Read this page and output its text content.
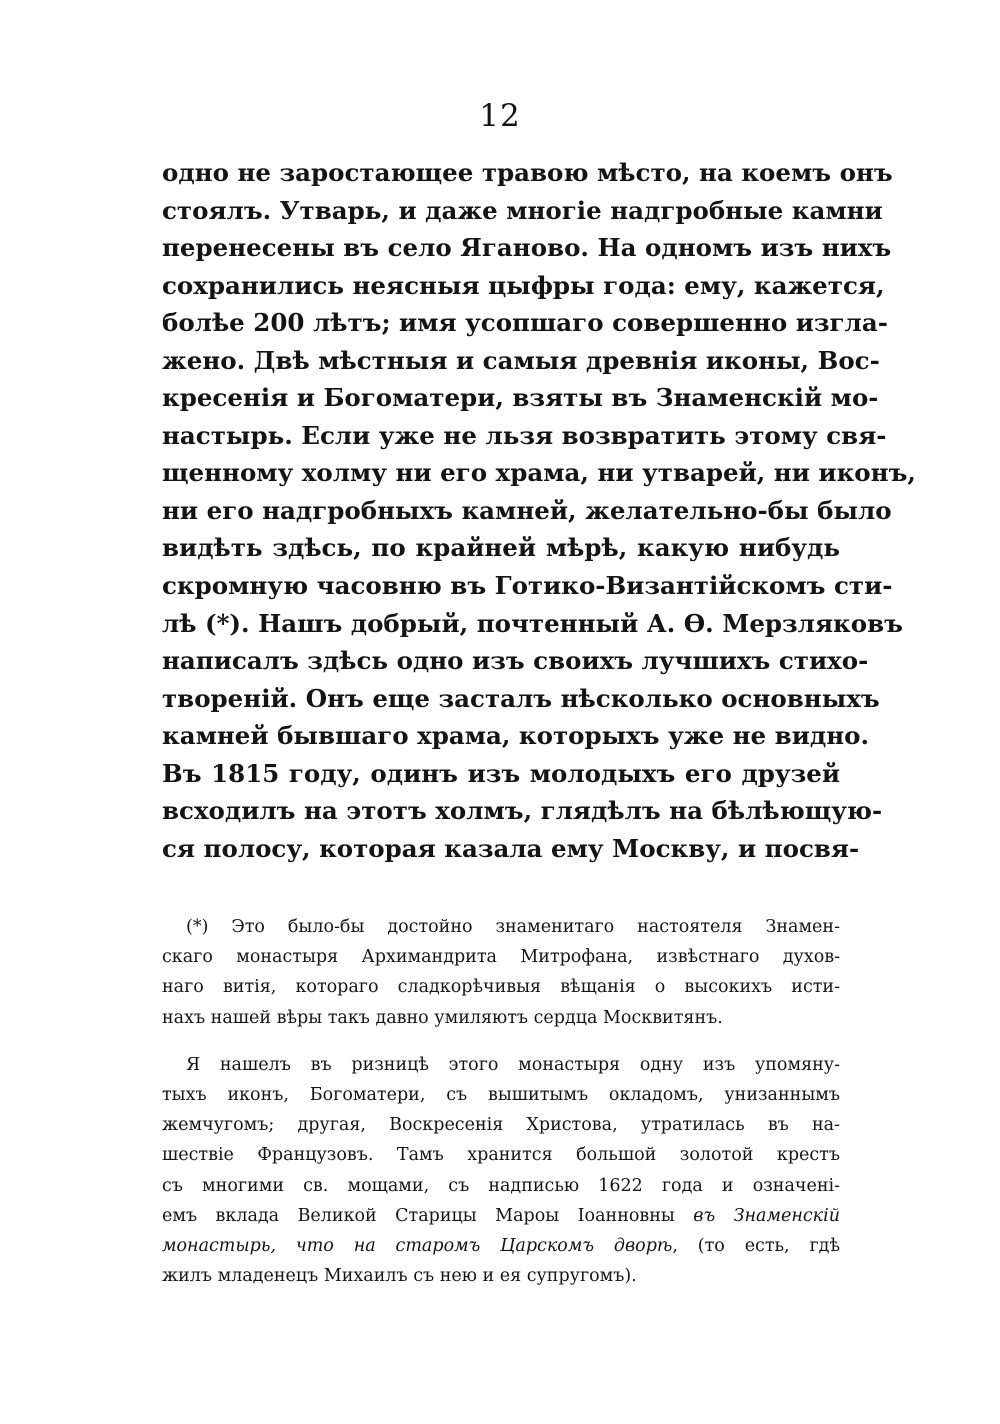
12
одно не заростающее травою мѣсто, на коемъ онъ
стоялъ. Утварь, и даже многіе надгробные камни
перенесены въ село Ягaново. На одномъ изъ нихъ
сохранились неясныя цыфры года: ему, кажется,
болѣе 200 лѣтъ; имя усопшаго совершенно изгла-
жено. Двѣ мѣстныя и самыя древнія иконы, Вос-
кресенія и Богоматери, взяты въ Знаменскій мо-
настырь. Если уже не льзя возвратить этому свя-
щенному холму ни его храма, ни утварей, ни иконъ,
ни его надгробныхъ камней, желательно-бы было
видѣть здѣсь, по крайней мѣрѣ, какую нибудь
скромную часовню въ Готико-Византійскомъ сти-
лѣ (*). Нашъ добрый, почтенный А. Ѳ. Мерзляковъ
написалъ здѣсь одно изъ своихъ лучшихъ стихо-
твореній. Онъ еще засталъ нѣсколько основныхъ
камней бывшаго храма, которыхъ уже не видно.
Въ 1815 году, одинъ изъ молодыхъ его друзей
всходилъ на этотъ холмъ, глядѣлъ на бѣлѣющую-
ся полосу, которая казала ему Москву, и посвя-
(*) Это было-бы достойно знаменитаго настоятеля Знамен-
скаго монастыря Архимандрита Митрофана, извѣстнаго духов-
наго витія, котораго сладкорѣчивыя вѣщанія о высокихъ исти-
нахъ нашей вѣры такъ давно умиляютъ сердца Москвитянъ.
Я нашелъ въ ризницѣ этого монастыря одну изъ упомяну-
тыхъ иконъ, Богоматери, съ вышитымъ окладомъ, унизаннымъ
жемчугомъ; другая, Воскресенія Христова, утратилась въ на-
шествіе Французовъ. Тамъ хранится большой золотой крестъ
съ многими св. мощами, съ надписью 1622 года и означені-
емъ вклада Великой Старицы Мароы Іоанновны въ Знаменскій
монастырь, что на старомъ Царскомъ дворѣ, (то есть, гдѣ
жилъ младенецъ Михаилъ съ нею и ея супругомъ).
